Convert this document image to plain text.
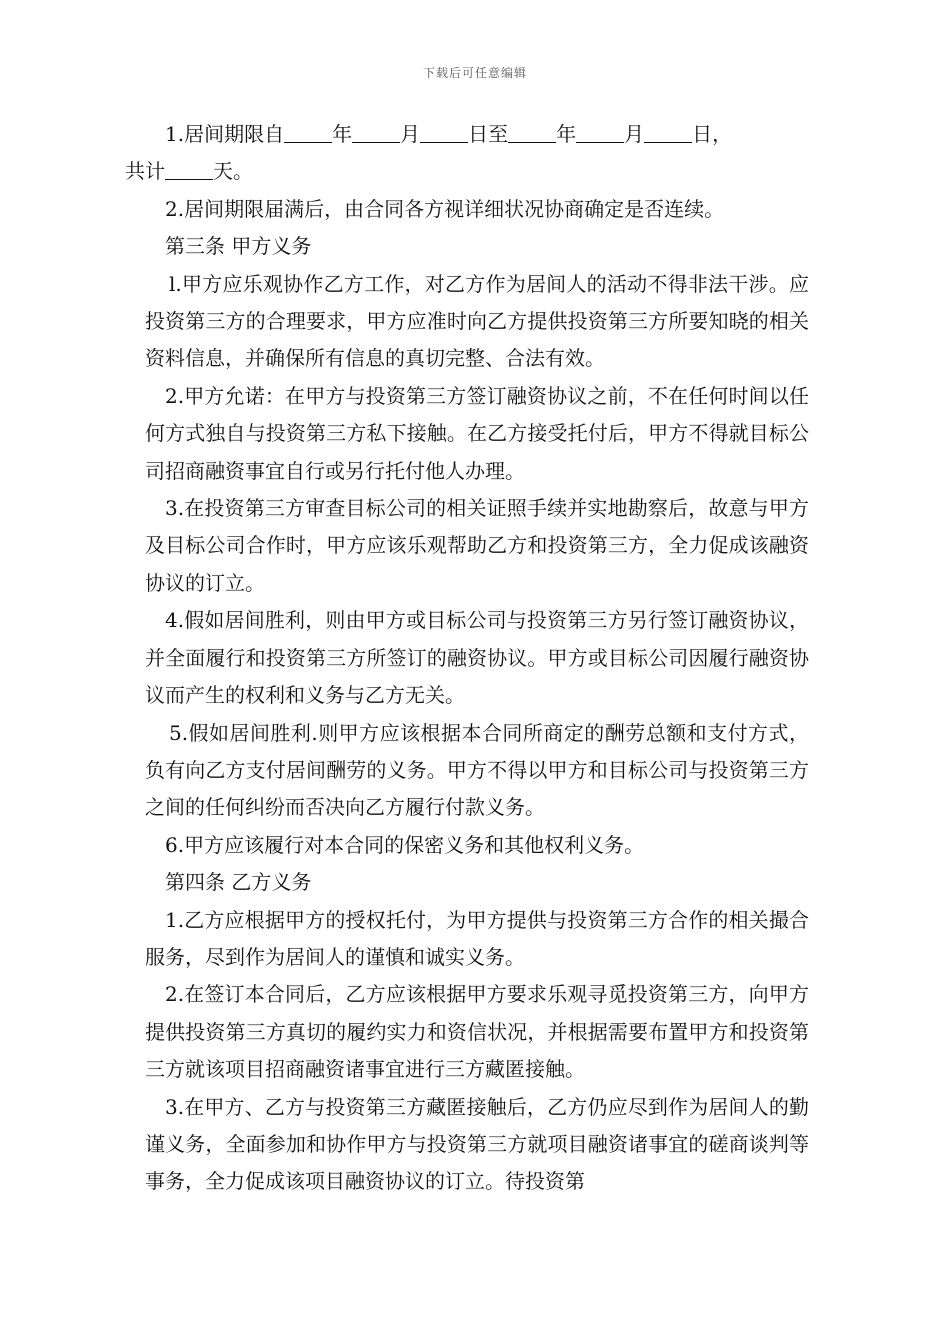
下载后可任意编辑

1.居间期限自 年 月 日至 年 月 日，
共计 天。

2.居间期限届满后，由合同各方视详细状况协商确定是否连续。

第三条 甲方义务

l.甲方应乐观协作乙方工作，对乙方作为居间人的活动不得非法干涉。应投资第三方的合理要求，甲方应准时向乙方提供投资第三方所要知晓的相关资料信息，并确保所有信息的真切完整、合法有效。

2.甲方允诺：在甲方与投资第三方签订融资协议之前，不在任何时间以任何方式独自与投资第三方私下接触。在乙方接受托付后，甲方不得就目标公司招商融资事宜自行或另行托付他人办理。

3.在投资第三方审查目标公司的相关证照手续并实地勘察后，故意与甲方及目标公司合作时，甲方应该乐观帮助乙方和投资第三方，全力促成该融资协议的订立。

4.假如居间胜利，则由甲方或目标公司与投资第三方另行签订融资协议，并全面履行和投资第三方所签订的融资协议。甲方或目标公司因履行融资协议而产生的权利和义务与乙方无关。

5.假如居间胜利.则甲方应该根据本合同所商定的酬劳总额和支付方式，负有向乙方支付居间酬劳的义务。甲方不得以甲方和目标公司与投资第三方之间的任何纠纷而否决向乙方履行付款义务。

6.甲方应该履行对本合同的保密义务和其他权利义务。

第四条 乙方义务

1.乙方应根据甲方的授权托付，为甲方提供与投资第三方合作的相关撮合服务，尽到作为居间人的谨慎和诚实义务。

2.在签订本合同后，乙方应该根据甲方要求乐观寻觅投资第三方，向甲方提供投资第三方真切的履约实力和资信状况，并根据需要布置甲方和投资第三方就该项目招商融资诸事宜进行三方藏匿接触。

3.在甲方、乙方与投资第三方藏匿接触后，乙方仍应尽到作为居间人的勤谨义务，全面参加和协作甲方与投资第三方就项目融资诸事宜的磋商谈判等事务，全力促成该项目融资协议的订立。待投资第
